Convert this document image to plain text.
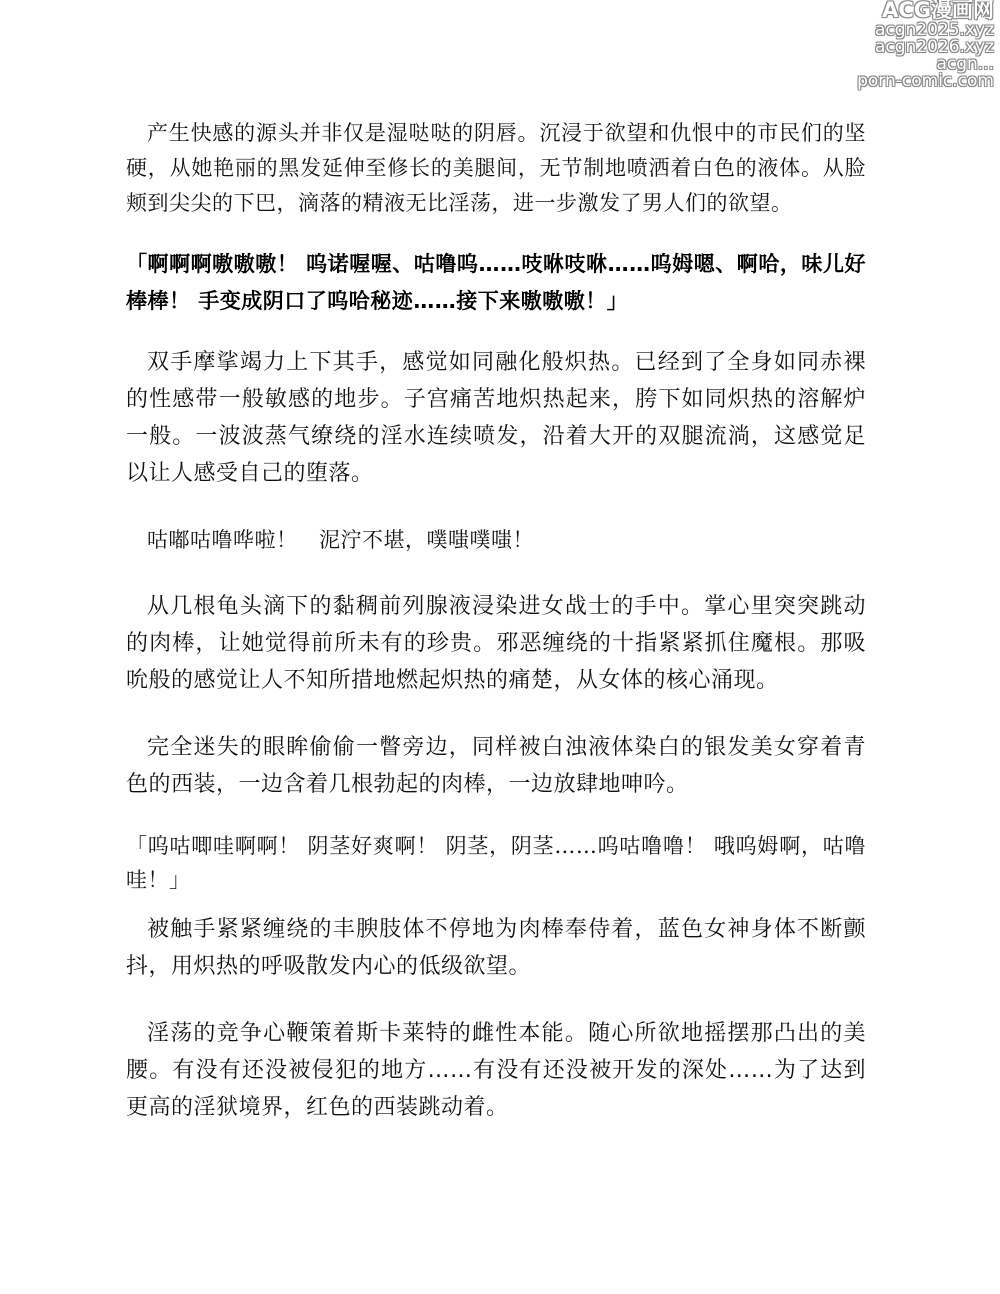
ACG漫画网
acgn2025.xyz
acgn2026.xyz
acgn...
porn-comic.com

产生快感的源头并非仅是湿哒哒的阴唇。沉浸于欲望和仇恨中的市民们的坚硬，从她艳丽的黑发延伸至修长的美腿间，无节制地喷洒着白色的液体。从脸颊到尖尖的下巴，滴落的精液无比淫荡，进一步激发了男人们的欲望。

「啊啊啊嗷嗷嗷！ 呜诺喔喔、咕噜呜……吱咻吱咻……呜姆嗯、啊哈，味儿好棒棒！ 手变成阴口了呜哈秘迹……接下来嗷嗷嗷！」

双手摩挲竭力上下其手，感觉如同融化般炽热。已经到了全身如同赤裸的性感带一般敏感的地步。子宫痛苦地炽热起来，胯下如同炽热的溶解炉一般。一波波蒸气缭绕的淫水连续喷发，沿着大开的双腿流淌，这感觉足以让人感受自己的堕落。

咕嘟咕噜哗啦！　泥泞不堪，噗嗤噗嗤！

从几根龟头滴下的黏稠前列腺液浸染进女战士的手中。掌心里突突跳动的肉棒，让她觉得前所未有的珍贵。邪恶缠绕的十指紧紧抓住魔根。那吸吮般的感觉让人不知所措地燃起炽热的痛楚，从女体的核心涌现。

完全迷失的眼眸偷偷一瞥旁边，同样被白浊液体染白的银发美女穿着青色的西装，一边含着几根勃起的肉棒，一边放肆地呻吟。

「呜咕唧哇啊啊！ 阴茎好爽啊！ 阴茎，阴茎……呜咕噜噜！ 哦呜姆啊，咕噜哇！」

被触手紧紧缠绕的丰腴肢体不停地为肉棒奉侍着，蓝色女神身体不断颤抖，用炽热的呼吸散发内心的低级欲望。

淫荡的竞争心鞭策着斯卡莱特的雌性本能。随心所欲地摇摆那凸出的美腰。有没有还没被侵犯的地方……有没有还没被开发的深处……为了达到更高的淫狱境界，红色的西装跳动着。
